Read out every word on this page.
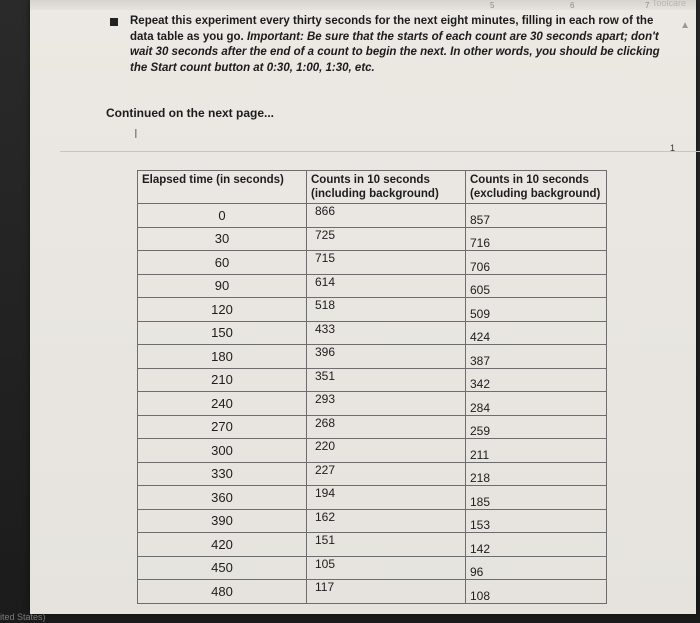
5	6	7 Toolcare
▲
Repeat this experiment every thirty seconds for the next eight minutes, filling in each row of the data table as you go. Important: Be sure that the starts of each count are 30 seconds apart; don't wait 30 seconds after the end of a count to begin the next. In other words, you should be clicking the Start count button at 0:30, 1:00, 1:30, etc.
Continued on the next page...
I
1
Elapsed time (in seconds)	Counts in 10 seconds (including background)	Counts in 10 seconds (excluding background)
0	866	857
30	725	716
60	715	706
90	614	605
120	518	509
150	433	424
180	396	387
210	351	342
240	293	284
270	268	259
300	220	211
330	227	218
360	194	185
390	162	153
420	151	142
450	105	96
480	117	108
ited States)
